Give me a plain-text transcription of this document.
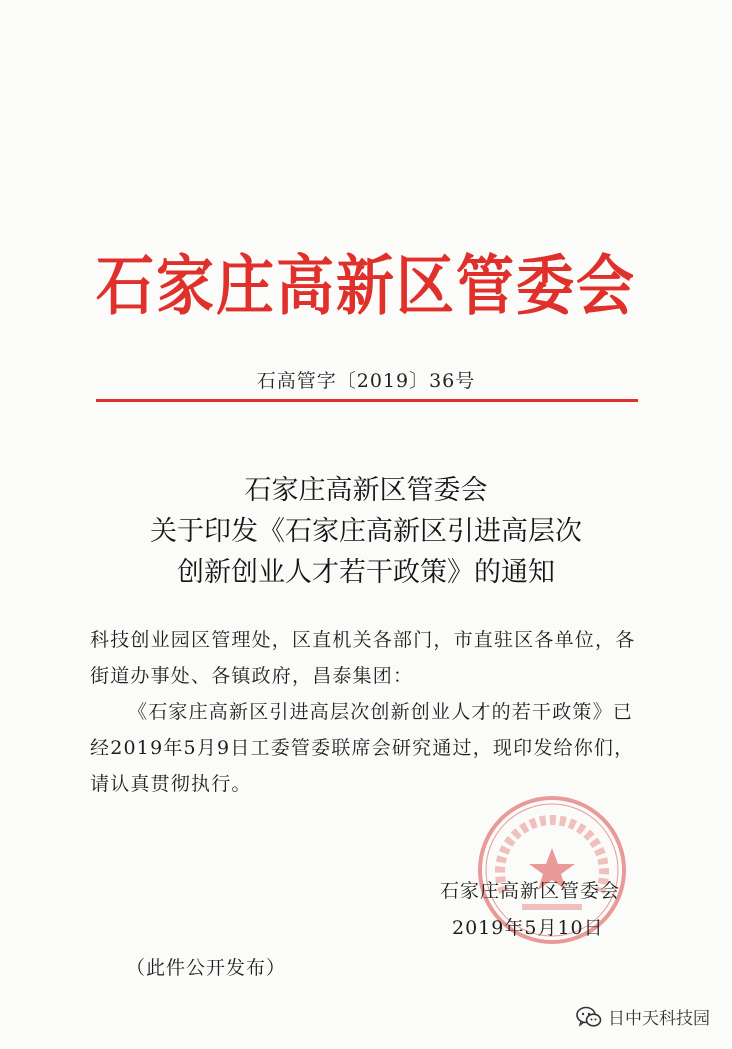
石家庄高新区管委会
石高管字〔2019〕36号
石家庄高新区管委会
关于印发《石家庄高新区引进高层次
创新创业人才若干政策》的通知

科技创业园区管理处，区直机关各部门，市直驻区各单位，各街道办事处、各镇政府，昌泰集团：

《石家庄高新区引进高层次创新创业人才的若干政策》已经2019年5月9日工委管委联席会研究通过，现印发给你们，请认真贯彻执行。

石家庄高新区管委会
2019年5月10日
（此件公开发布）
日中天科技园
